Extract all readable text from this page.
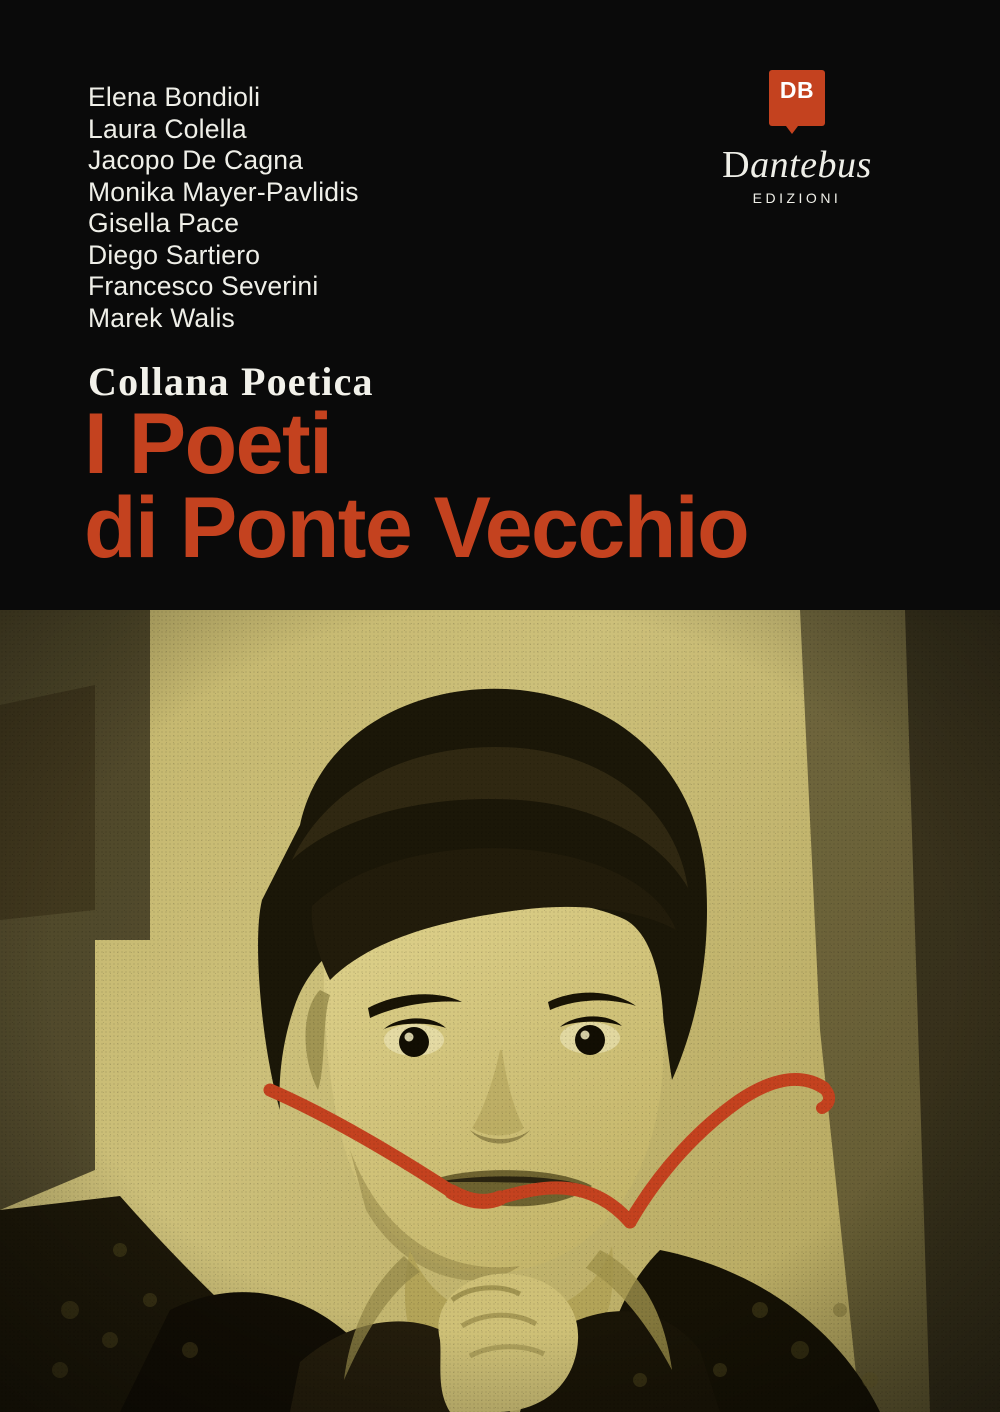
Elena Bondioli
Laura Colella
Jacopo De Cagna
Monika Mayer-Pavlidis
Gisella Pace
Diego Sartiero
Francesco Severini
Marek Walis
Collana Poetica
I Poeti
di Ponte Vecchio
DB
Dantebus
EDIZIONI
